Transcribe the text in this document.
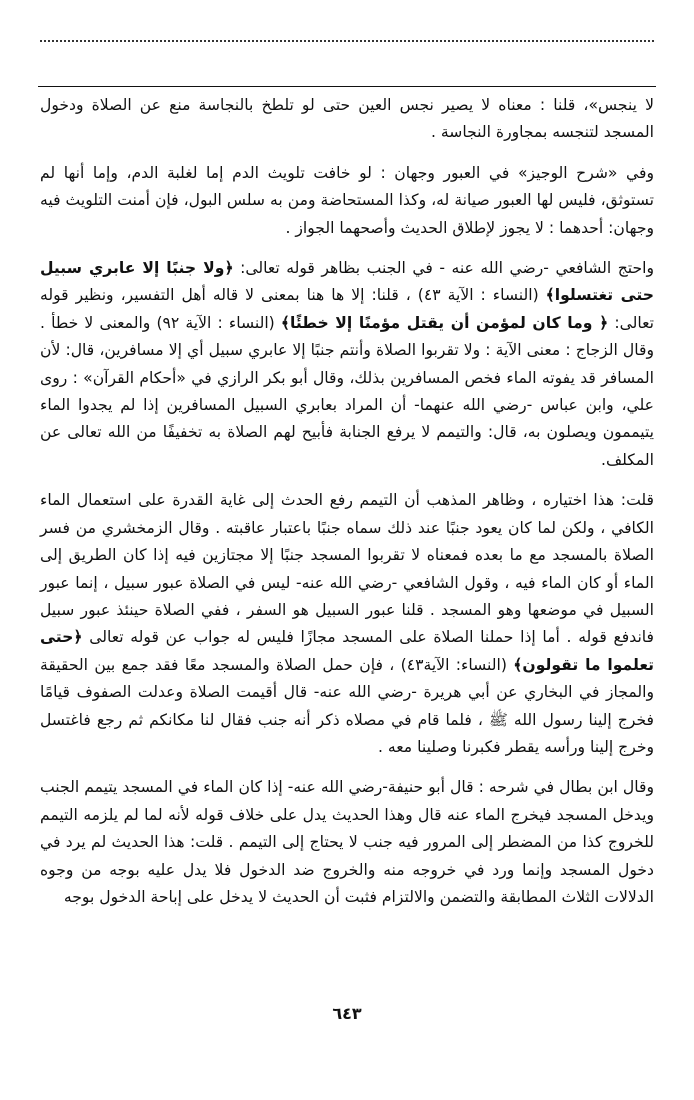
لا ينجس»، قلنا : معناه لا يصير نجس العين حتى لو تلطخ بالنجاسة منع عن الصلاة ودخول المسجد لتنجسه بمجاورة النجاسة .

وفي «شرح الوجيز» في العبور وجهان : لو خافت تلويث الدم إما لغلبة الدم، وإما أنها لم تستوثق، فليس لها العبور صيانة له، وكذا المستحاضة ومن به سلس البول، فإن أمنت التلويث فيه وجهان: أحدهما : لا يجوز لإطلاق الحديث وأصحهما الجواز .

واحتج الشافعي -رضي الله عنه - في الجنب بظاهر قوله تعالى: ﴿ولا جنبًا إلا عابري سبيل حتى تغتسلوا﴾ (النساء : الآية ٤٣) ، قلنا: إلا ها هنا بمعنى لا قاله أهل التفسير، ونظير قوله تعالى: ﴿ وما كان لمؤمن أن يقتل مؤمنًا إلا خطئًا﴾ (النساء : الآية ٩٢) والمعنى لا خطأ . وقال الزجاج : معنى الآية : ولا تقربوا الصلاة وأنتم جنبًا إلا عابري سبيل أي إلا مسافرين، قال: لأن المسافر قد يفوته الماء فخص المسافرين بذلك، وقال أبو بكر الرازي في «أحكام القرآن» : روى علي، وابن عباس -رضي الله عنهما- أن المراد بعابري السبيل المسافرين إذا لم يجدوا الماء يتيممون ويصلون به، قال: والتيمم لا يرفع الجنابة فأبيح لهم الصلاة به تخفيفًا من الله تعالى عن المكلف.

قلت: هذا اختياره ، وظاهر المذهب أن التيمم رفع الحدث إلى غاية القدرة على استعمال الماء الكافي ، ولكن لما كان يعود جنبًا عند ذلك سماه جنبًا باعتبار عاقبته . وقال الزمخشري من فسر الصلاة بالمسجد مع ما بعده فمعناه لا تقربوا المسجد جنبًا إلا مجتازين فيه إذا كان الطريق إلى الماء أو كان الماء فيه ، وقول الشافعي -رضي الله عنه- ليس في الصلاة عبور سبيل ، إنما عبور السبيل في موضعها وهو المسجد . قلنا عبور السبيل هو السفر ، ففي الصلاة حينئذ عبور سبيل فاندفع قوله . أما إذا حملنا الصلاة على المسجد مجازًا فليس له جواب عن قوله تعالى ﴿حتى تعلموا ما تقولون﴾ (النساء: الآية٤٣) ، فإن حمل الصلاة والمسجد معًا فقد جمع بين الحقيقة والمجاز في البخاري عن أبي هريرة -رضي الله عنه- قال أقيمت الصلاة وعدلت الصفوف قيامًا فخرج إلينا رسول الله ﷺ ، فلما قام في مصلاه ذكر أنه جنب فقال لنا مكانكم ثم رجع فاغتسل وخرج إلينا ورأسه يقطر فكبرنا وصلينا معه .

وقال ابن بطال في شرحه : قال أبو حنيفة-رضي الله عنه- إذا كان الماء في المسجد يتيمم الجنب ويدخل المسجد فيخرج الماء عنه قال وهذا الحديث يدل على خلاف قوله لأنه لما لم يلزمه التيمم للخروج كذا من المضطر إلى المرور فيه جنب لا يحتاج إلى التيمم . قلت: هذا الحديث لم يرد في دخول المسجد وإنما ورد في خروجه منه والخروج ضد الدخول فلا يدل عليه بوجه من وجوه الدلالات الثلاث المطابقة والتضمن والالتزام فثبت أن الحديث لا يدخل على إباحة الدخول بوجه

٦٤٣
